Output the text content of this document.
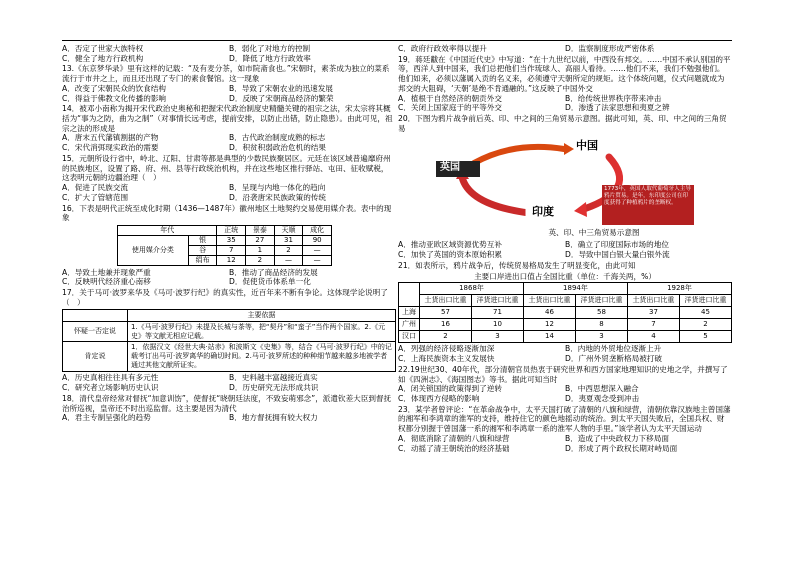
A．否定了世家大族特权	B．弱化了对地方的控制
C．健全了地方行政机构	D．降低了地方行政效率
13.《东京梦华录》里有这样的记载：“及有麦分茶，如市院斋食也。”宋朝时，素茶成为独立的菜系流行于市井之上，而且还出现了专门的素食餐馆。这一现象
A．改变了宋朝民众的饮食结构	B．导致了宋朝农业的迅速发展
C．得益于佛教文化传播的影响	D．反映了宋朝商品经济的繁荣
14．被邓小南称为揭开宋代政治史奥秘和把握宋代政治制度史精髓关键的祖宗之法，宋太宗将其概括为“事为之防，曲为之制”（对事情长远考虑，提前安排，以防止出错，防止隐患）。由此可见，祖宗之法的形成是
A．唐末五代藩镇割据的产物	B．古代政治制度成熟的标志
C．宋代消弭现实政治的需要	D．积贫积弱政治危机的结果
15．元朝所设行省中，岭北、辽阳、甘肃等都是典型的少数民族聚居区。元廷在该区域普遍靡府州的民族地区，设置了路、府、州、县等行政统治机构，并在这些地区推行驿站、屯田、征收赋税，这表明元朝的边疆治理（　）
A．促进了民族交流	B．呈现与内地一体化的趋向
C．扩大了管辖范围	D．沿袭唐宋民族政策的传统
16．下表是明代正统至成化时期（1436—1487年）徽州地区土地契约交易使用媒介表。表中的现象
年代		正统	景泰	天顺	成化
使用媒介分类	银	35	27	31	90
	谷	7	1	2	—
	绢布	12	2	—	—
A．导致土地兼并现象严重	B．推动了商品经济的发展
C．反映明代经济重心南移	D．促使货币体系单一化
17．关于马可·波罗来华及《马可·波罗行纪》的真实性，近百年来不断有争论。这体现学论说明了（　）
	主要依据
怀疑一否定说	1.《马可·波罗行纪》未提及长城与茶等，把“契丹”和“蛮子”当作两个国家。2.《元史》等文献无相应记载。
肯定说	1．依据汉文《经世大典·站赤》和波斯文《史集》等，结合《马可·波罗行纪》中的记载考订出马可·波罗离华的确切时间。2.马可·波罗所述的种种细节越来越多地被学者通过其他文献所证实。
A．历史真相往往具有多元性	B．史料越丰富越接近真实
C．研究者立场影响历史认识	D．历史研究无法形成共识
18．清代皇帝经常对督抚“加意训饬”，使督抚“晓朝廷法度，不致妄萌邪念”，派遣钦差大臣到督抚治所巡视，皇帝还不时出巡监督。这主要是因为清代
A．君主专制呈强化的趋势	B．地方督抚拥有较大权力
C．政府行政效率得以提升	D．监察制度形成严密体系
19．蒋廷黻在《中国近代史》中写道：“在十九世纪以前，中西没有邦交。……中国不承认别国的平等，西洋人到中国来，我们总把他们当作琉球人、高丽人看待。……他们不来，我们不勉强他们。他们如来，必须以藩属入贡的名义来，必须遵守天朝所定的规矩。这个体统问题，仪式问题就成为邦交的大阻碍，‘天朝’是绝不肯通融的。”这反映了中国外交
A．植根于自然经济的朝贡外交	B．给传统世界秩序带来冲击
C．关闭上国家庭于的平等外交	D．渗透了法家思想和夷夏之辨
20．下图为鸦片战争前后英、印、中之间的三角贸易示意图。据此可知，英、印、中之间的三角贸易
英国
中国
印度
1773年，英国人取代葡萄牙人主导鸦片贸易。是年，东印度公司在印度获得了种植鸦片的垄断权。
英、印、中三角贸易示意图
A．推动亚欧区域资源优势互补	B．确立了印度国际市场的地位
C．加快了英国的资本原始积累	D．导致中国白银大量白银外流
21．如表所示，鸦片战争后，传统贸易格局发生了明显变化，由此可知
主要口岸进出口值占全国比重（单位：千海关两，%）
	1868年		1894年		1928年	
	土货出口比重	洋货进口比重	土货出口比重	洋货进口比重	土货出口比重	洋货进口比重
上海	57	71	46	58	37	45
广州	16	10	12	8	7	2
汉口	2	3	14	3	4	5
A．列强的经济侵略逐渐加深	B．内地的外贸地位逐渐上升
C．上海民族资本主义发展快	D．广州外贸垄断格局被打破
22.19世纪30、40年代，部分清朝官员热衷于研究世界和西方国家地理知识的史地之学，并撰写了如《四洲志》、《海国图志》等书。据此可知当时
A．闭关锁国的政策得到了逆转	B．中西思想深入融合
C．体现西方侵略的影响	D．夷夏观念受到冲击
23．某学者曾评论：“在革命战争中，太平天国打破了清朝的八旗和绿营，清朝依靠汉族地主曾国藩的湘军和李鸿章的淮军的支持，维持住它的颜色地摇动的统治。到太平天国失败后，全国兵权、财权都分别握于曾国藩一系的湘军和李鸿章一系的淮军人物的手里。”该学者认为太平天国运动
A．彻底消除了清朝的八旗和绿营	B．造成了中央政权力下移局面
C．动摇了清王朝统治的经济基础	D．形成了两个政权长期对峙局面
